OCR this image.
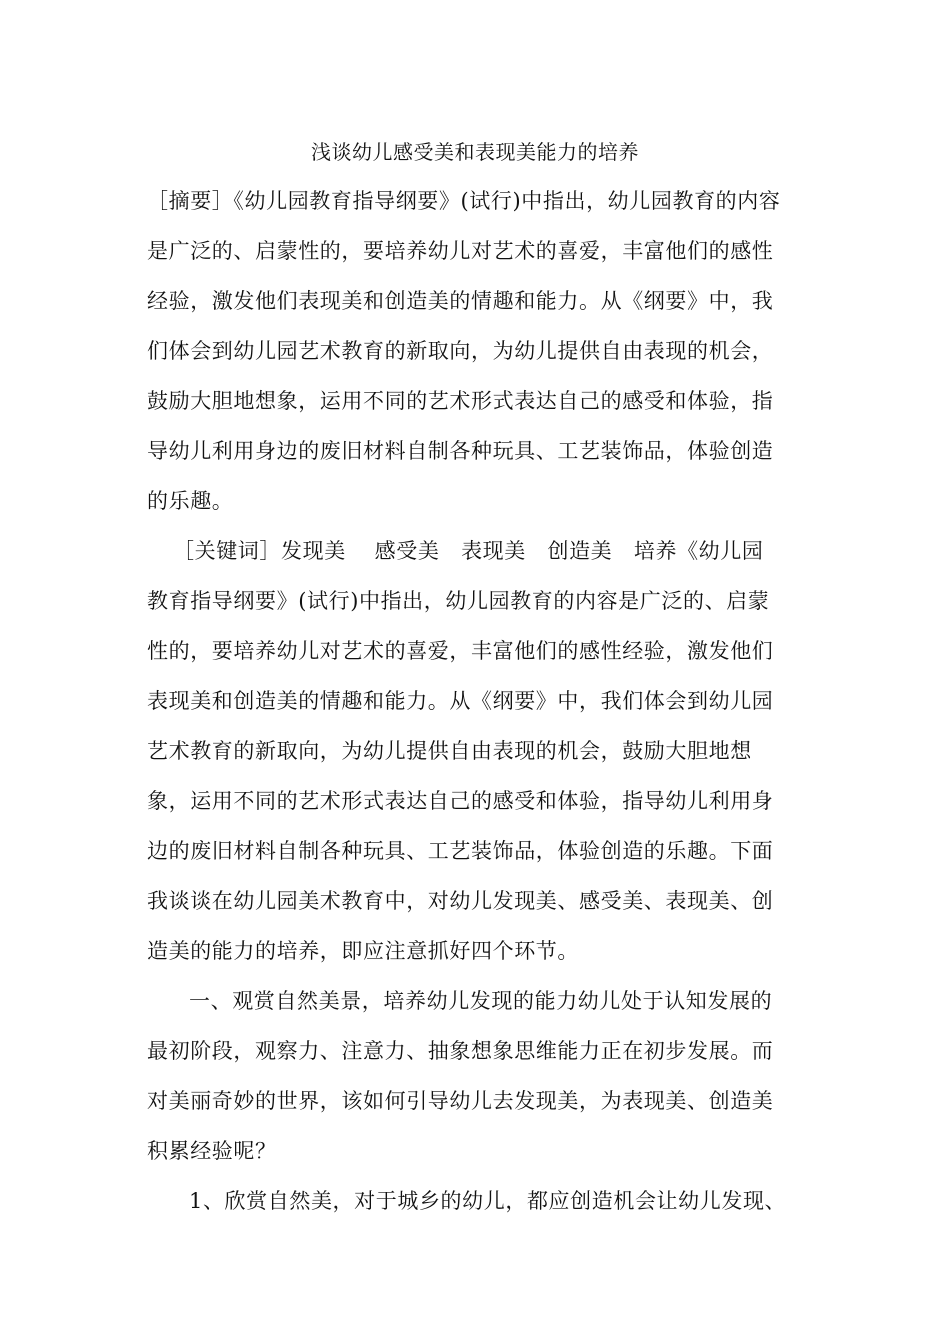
浅谈幼儿感受美和表现美能力的培养
［摘要］《幼儿园教育指导纲要》(试行)中指出，幼儿园教育的内容
是广泛的、启蒙性的，要培养幼儿对艺术的喜爱，丰富他们的感性
经验，激发他们表现美和创造美的情趣和能力。从《纲要》中，我
们体会到幼儿园艺术教育的新取向，为幼儿提供自由表现的机会，
鼓励大胆地想象，运用不同的艺术形式表达自己的感受和体验，指
导幼儿利用身边的废旧材料自制各种玩具、工艺装饰品，体验创造
的乐趣。
［关键词］发现美　 感受美　表现美　创造美　培养《幼儿园
教育指导纲要》(试行)中指出，幼儿园教育的内容是广泛的、启蒙
性的，要培养幼儿对艺术的喜爱，丰富他们的感性经验，激发他们
表现美和创造美的情趣和能力。从《纲要》中，我们体会到幼儿园
艺术教育的新取向，为幼儿提供自由表现的机会，鼓励大胆地想
象，运用不同的艺术形式表达自己的感受和体验，指导幼儿利用身
边的废旧材料自制各种玩具、工艺装饰品，体验创造的乐趣。下面
我谈谈在幼儿园美术教育中，对幼儿发现美、感受美、表现美、创
造美的能力的培养，即应注意抓好四个环节。
一、观赏自然美景，培养幼儿发现的能力幼儿处于认知发展的
最初阶段，观察力、注意力、抽象想象思维能力正在初步发展。而
对美丽奇妙的世界，该如何引导幼儿去发现美，为表现美、创造美
积累经验呢？
1、欣赏自然美，对于城乡的幼儿，都应创造机会让幼儿发现、
